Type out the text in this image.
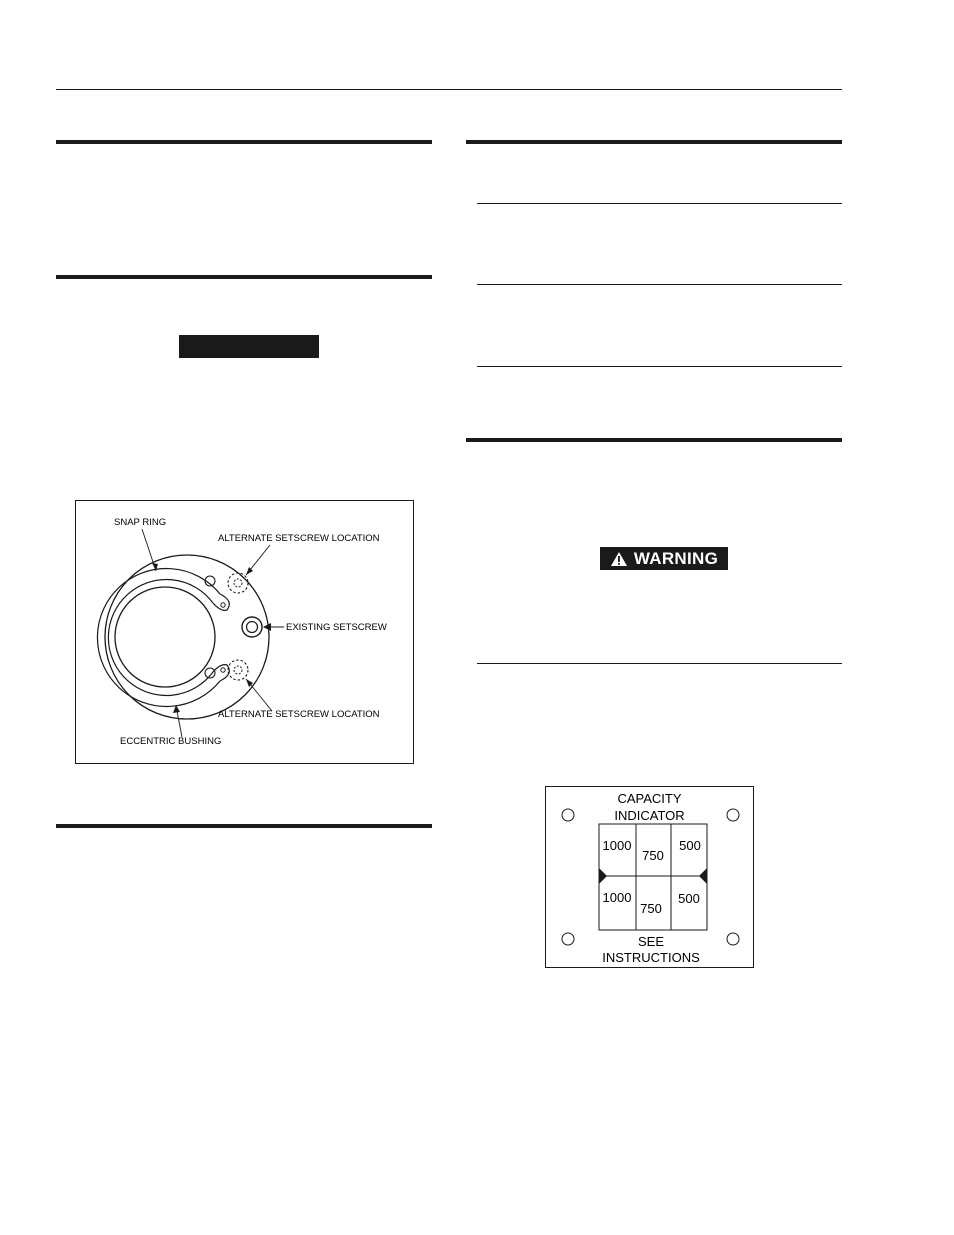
WARNING
SNAP RING
ALTERNATE SETSCREW LOCATION
EXISTING SETSCREW
ALTERNATE SETSCREW LOCATION
ECCENTRIC BUSHING
CAPACITY
INDICATOR
1000
750
500
1000
750
500
SEE
INSTRUCTIONS
